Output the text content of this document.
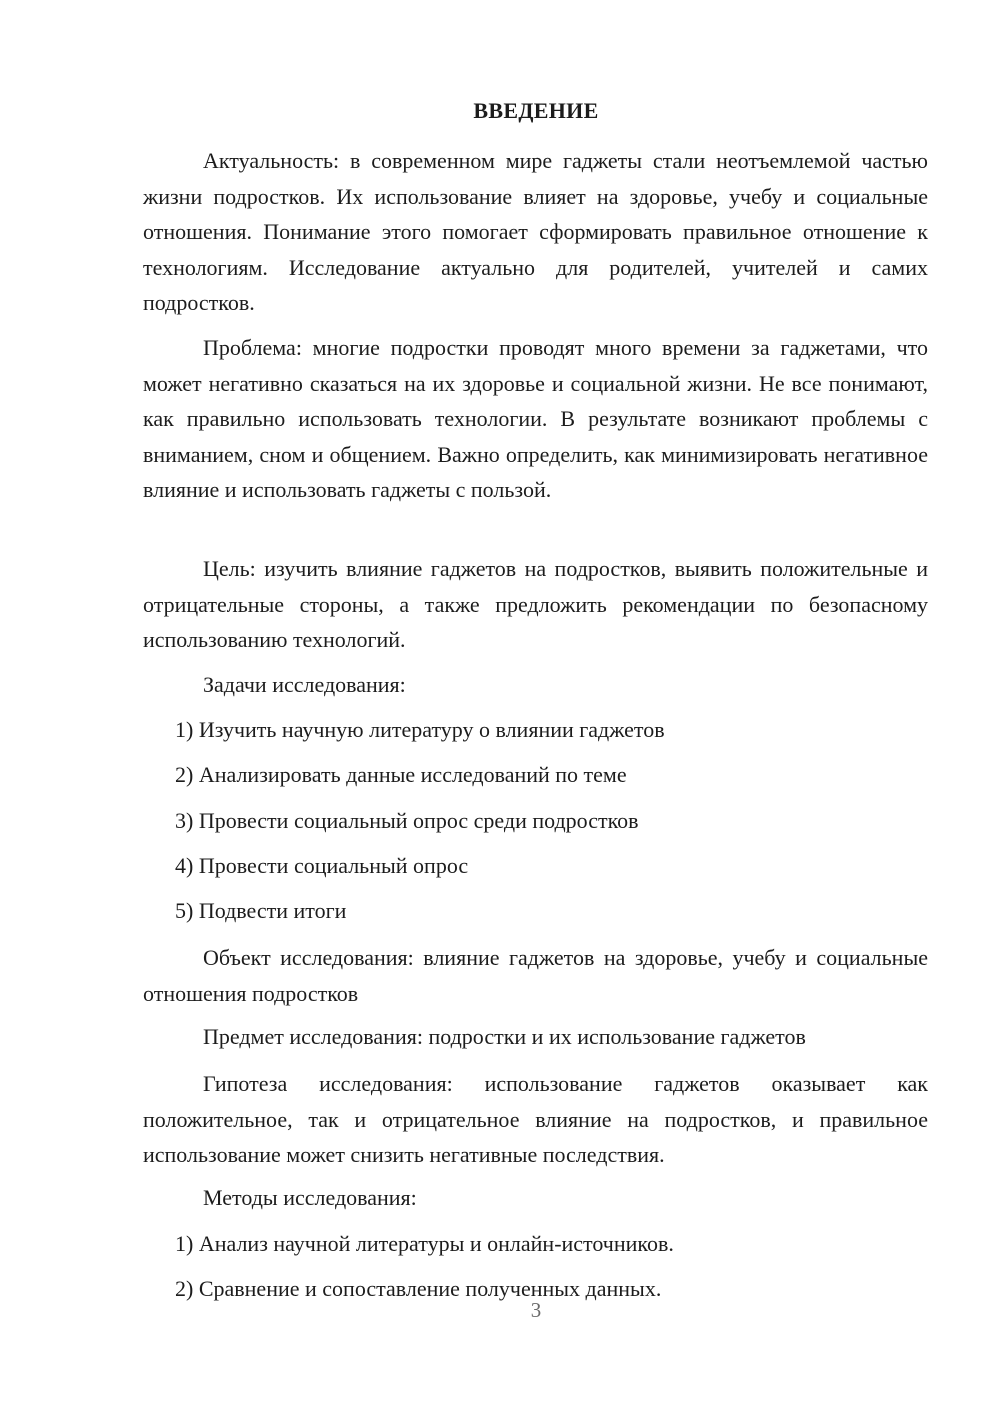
ВВЕДЕНИЕ

Актуальность: в современном мире гаджеты стали неотъемлемой частью жизни подростков. Их использование влияет на здоровье, учебу и социальные отношения. Понимание этого помогает сформировать правильное отношение к технологиям. Исследование актуально для родителей, учителей и самих подростков.

Проблема: многие подростки проводят много времени за гаджетами, что может негативно сказаться на их здоровье и социальной жизни. Не все понимают, как правильно использовать технологии. В результате возникают проблемы с вниманием, сном и общением. Важно определить, как минимизировать негативное влияние и использовать гаджеты с пользой.

Цель: изучить влияние гаджетов на подростков, выявить положительные и отрицательные стороны, а также предложить рекомендации по безопасному использованию технологий.

Задачи исследования:

1) Изучить научную литературу о влиянии гаджетов

2) Анализировать данные исследований по теме

3) Провести социальный опрос среди подростков

4) Провести социальный опрос

5) Подвести итоги

Объект исследования: влияние гаджетов на здоровье, учебу и социальные отношения подростков

Предмет исследования: подростки и их использование гаджетов

Гипотеза исследования: использование гаджетов оказывает как положительное, так и отрицательное влияние на подростков, и правильное использование может снизить негативные последствия.

Методы исследования:

1) Анализ научной литературы и онлайн-источников.

2) Сравнение и сопоставление полученных данных.

3
